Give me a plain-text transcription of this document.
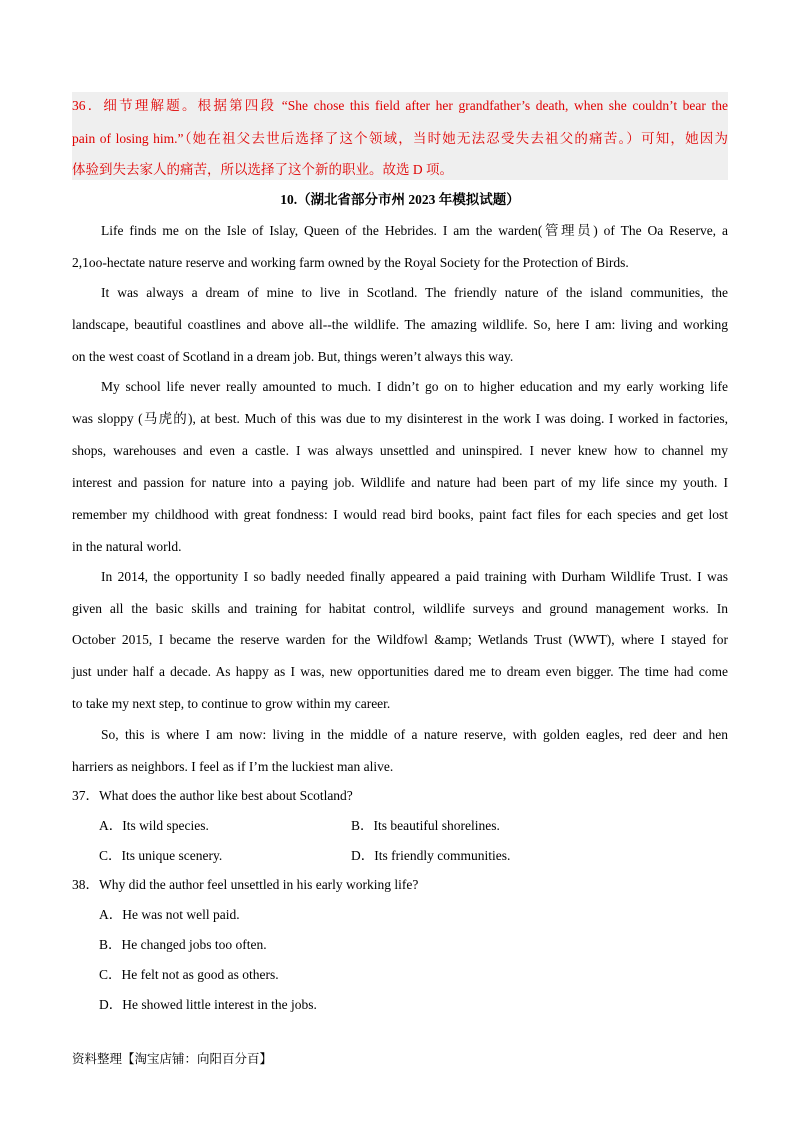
36．细节理解题。根据第四段 “She chose this field after her grandfather’s death, when she couldn’t bear the
pain of losing him.”（她在祖父去世后选择了这个领域，当时她无法忍受失去祖父的痛苦。）可知，她因为
体验到失去家人的痛苦，所以选择了这个新的职业。故选 D 项。
10.（湖北省部分市州 2023 年模拟试题）
Life finds me on the Isle of Islay, Queen of the Hebrides. I am the warden(管理员) of The Oa Reserve, a
2,1oo-hectate nature reserve and working farm owned by the Royal Society for the Protection of Birds.
It was always a dream of mine to live in Scotland. The friendly nature of the island communities, the
landscape, beautiful coastlines and above all--the wildlife. The amazing wildlife. So, here I am: living and working
on the west coast of Scotland in a dream job. But, things weren’t always this way.
My school life never really amounted to much. I didn’t go on to higher education and my early working life
was sloppy (马虎的), at best. Much of this was due to my disinterest in the work I was doing. I worked in factories,
shops, warehouses and even a castle. I was always unsettled and uninspired. I never knew how to channel my
interest and passion for nature into a paying job. Wildlife and nature had been part of my life since my youth. I
remember my childhood with great fondness: I would read bird books, paint fact files for each species and get lost
in the natural world.
In 2014, the opportunity I so badly needed finally appeared a paid training with Durham Wildlife Trust. I was
given all the basic skills and training for habitat control, wildlife surveys and ground management works. In
October 2015, I became the reserve warden for the Wildfowl &amp; Wetlands Trust (WWT), where I stayed for
just under half a decade. As happy as I was, new opportunities dared me to dream even bigger. The time had come
to take my next step, to continue to grow within my career.
So, this is where I am now: living in the middle of a nature reserve, with golden eagles, red deer and hen
harriers as neighbors. I feel as if I’m the luckiest man alive.
37．What does the author like best about Scotland?
A．Its wild species.	B．Its beautiful shorelines.
C．Its unique scenery.	D．Its friendly communities.
38．Why did the author feel unsettled in his early working life?
A．He was not well paid.
B．He changed jobs too often.
C．He felt not as good as others.
D．He showed little interest in the jobs.
资料整理【淘宝店铺：向阳百分百】
